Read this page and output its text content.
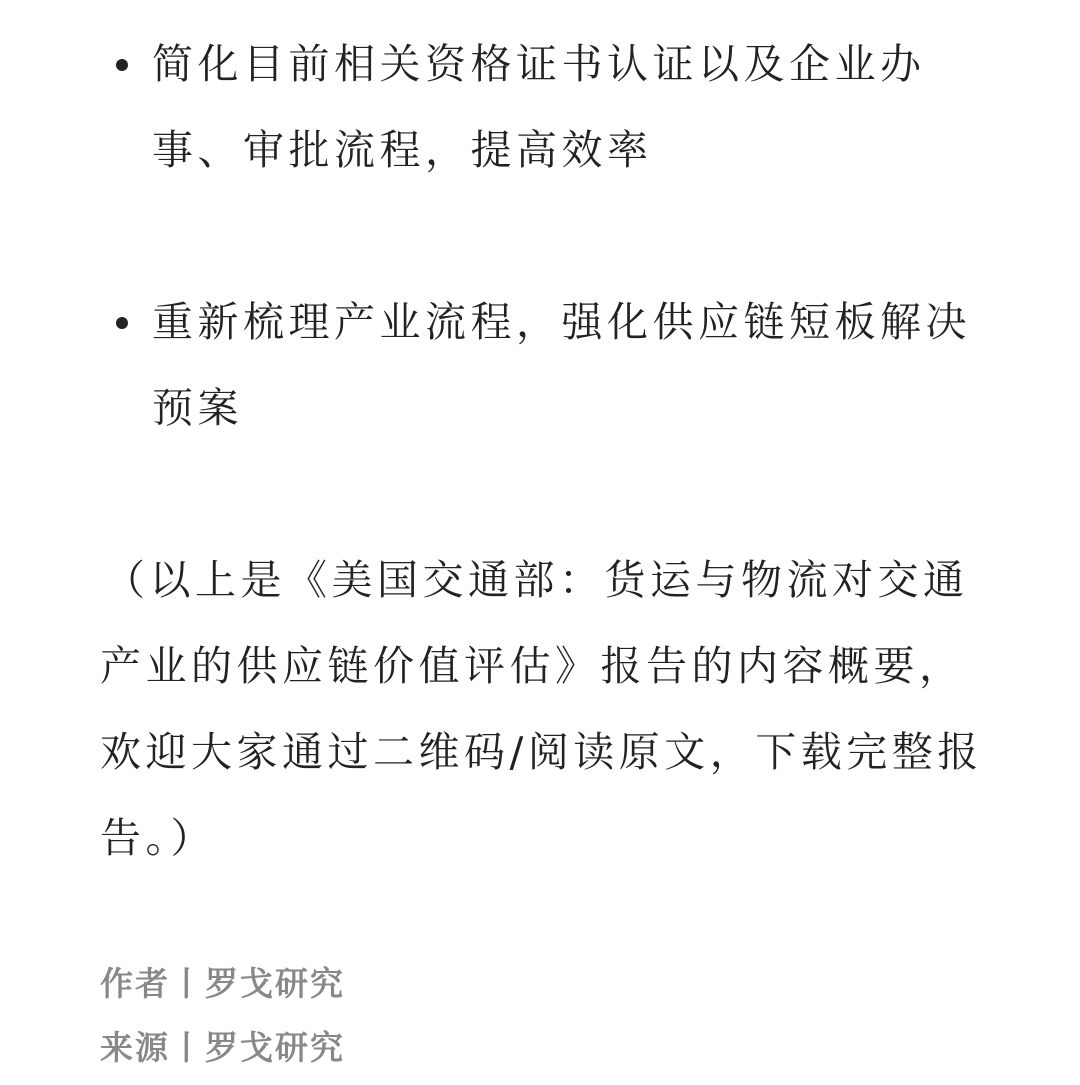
简化目前相关资格证书认证以及企业办
事、审批流程，提高效率
重新梳理产业流程，强化供应链短板解决
预案
（以上是《美国交通部：货运与物流对交通
产业的供应链价值评估》报告的内容概要，
欢迎大家通过二维码/阅读原文，下载完整报
告。）
作者丨罗戈研究
来源丨罗戈研究
